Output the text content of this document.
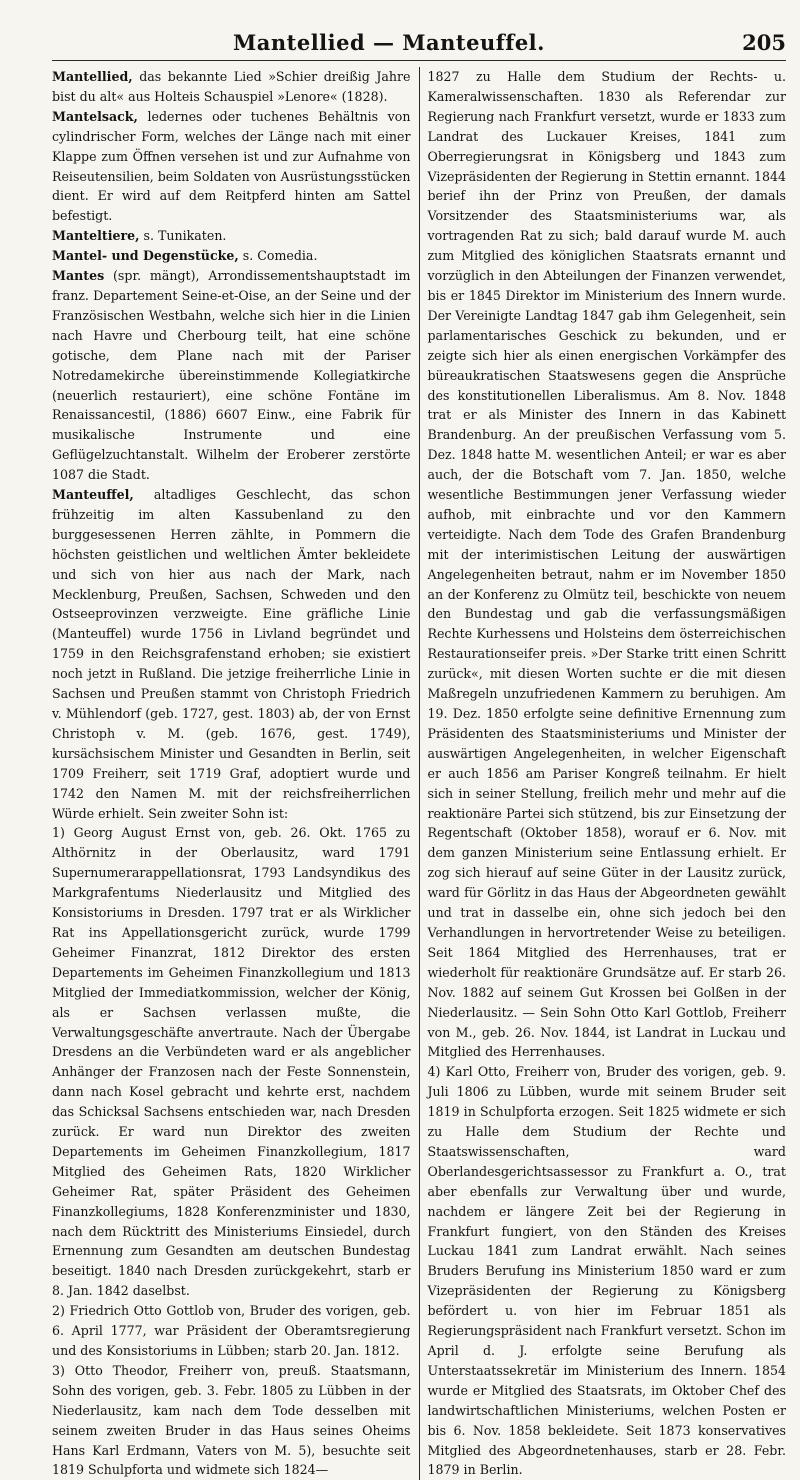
Mantellied — Manteuffel.	205

Mantellied, das bekannte Lied »Schier dreißig Jahre bist du alt« aus Holteis Schauspiel »Lenore« (1828).

Mantelsack, ledernes oder tuchenes Behältnis von cylindrischer Form, welches der Länge nach mit einer Klappe zum Öffnen versehen ist und zur Aufnahme von Reiseutensilien, beim Soldaten von Ausrüstungsstücken dient. Er wird auf dem Reitpferd hinten am Sattel befestigt.

Manteltiere, s. Tunikaten.

Mantel- und Degenstücke, s. Comedia.

Mantes (spr. mängt), Arrondissementshauptstadt im franz. Departement Seine-et-Oise, an der Seine und der Französischen Westbahn, welche sich hier in die Linien nach Havre und Cherbourg teilt, hat eine schöne gotische, dem Plane nach mit der Pariser Notredamekirche übereinstimmende Kollegiatkirche (neuerlich restauriert), eine schöne Fontäne im Renaissancestil, (1886) 6607 Einw., eine Fabrik für musikalische Instrumente und eine Geflügelzuchtanstalt. Wilhelm der Eroberer zerstörte 1087 die Stadt.

Manteuffel, altadliges Geschlecht, das schon frühzeitig im alten Kassubenland zu den burggesessenen Herren zählte, in Pommern die höchsten geistlichen und weltlichen Ämter bekleidete und sich von hier aus nach der Mark, nach Mecklenburg, Preußen, Sachsen, Schweden und den Ostseeprovinzen verzweigte. Eine gräfliche Linie (Manteuffel) wurde 1756 in Livland begründet und 1759 in den Reichsgrafenstand erhoben; sie existiert noch jetzt in Rußland. Die jetzige freiherrliche Linie in Sachsen und Preußen stammt von Christoph Friedrich v. Mühlendorf (geb. 1727, gest. 1803) ab, der von Ernst Christoph v. M. (geb. 1676, gest. 1749), kursächsischem Minister und Gesandten in Berlin, seit 1709 Freiherr, seit 1719 Graf, adoptiert wurde und 1742 den Namen M. mit der reichsfreiherrlichen Würde erhielt. Sein zweiter Sohn ist:

1) Georg August Ernst von, geb. 26. Okt. 1765 zu Althörnitz in der Oberlausitz, ward 1791 Supernumerarappellationsrat, 1793 Landsyndikus des Markgrafentums Niederlausitz und Mitglied des Konsistoriums in Dresden. 1797 trat er als Wirklicher Rat ins Appellationsgericht zurück, wurde 1799 Geheimer Finanzrat, 1812 Direktor des ersten Departements im Geheimen Finanzkollegium und 1813 Mitglied der Immediatkommission, welcher der König, als er Sachsen verlassen mußte, die Verwaltungsgeschäfte anvertraute. Nach der Übergabe Dresdens an die Verbündeten ward er als angeblicher Anhänger der Franzosen nach der Feste Sonnenstein, dann nach Kosel gebracht und kehrte erst, nachdem das Schicksal Sachsens entschieden war, nach Dresden zurück. Er ward nun Direktor des zweiten Departements im Geheimen Finanzkollegium, 1817 Mitglied des Geheimen Rats, 1820 Wirklicher Geheimer Rat, später Präsident des Geheimen Finanzkollegiums, 1828 Konferenzminister und 1830, nach dem Rücktritt des Ministeriums Einsiedel, durch Ernennung zum Gesandten am deutschen Bundestag beseitigt. 1840 nach Dresden zurückgekehrt, starb er 8. Jan. 1842 daselbst.

2) Friedrich Otto Gottlob von, Bruder des vorigen, geb. 6. April 1777, war Präsident der Oberamtsregierung und des Konsistoriums in Lübben; starb 20. Jan. 1812.

3) Otto Theodor, Freiherr von, preuß. Staatsmann, Sohn des vorigen, geb. 3. Febr. 1805 zu Lübben in der Niederlausitz, kam nach dem Tode desselben mit seinem zweiten Bruder in das Haus seines Oheims Hans Karl Erdmann, Vaters von M. 5), besuchte seit 1819 Schulpforta und widmete sich 1824—

1827 zu Halle dem Studium der Rechts- u. Kameralwissenschaften. 1830 als Referendar zur Regierung nach Frankfurt versetzt, wurde er 1833 zum Landrat des Luckauer Kreises, 1841 zum Oberregierungsrat in Königsberg und 1843 zum Vizepräsidenten der Regierung in Stettin ernannt. 1844 berief ihn der Prinz von Preußen, der damals Vorsitzender des Staatsministeriums war, als vortragenden Rat zu sich; bald darauf wurde M. auch zum Mitglied des königlichen Staatsrats ernannt und vorzüglich in den Abteilungen der Finanzen verwendet, bis er 1845 Direktor im Ministerium des Innern wurde. Der Vereinigte Landtag 1847 gab ihm Gelegenheit, sein parlamentarisches Geschick zu bekunden, und er zeigte sich hier als einen energischen Vorkämpfer des büreaukratischen Staatswesens gegen die Ansprüche des konstitutionellen Liberalismus. Am 8. Nov. 1848 trat er als Minister des Innern in das Kabinett Brandenburg. An der preußischen Verfassung vom 5. Dez. 1848 hatte M. wesentlichen Anteil; er war es aber auch, der die Botschaft vom 7. Jan. 1850, welche wesentliche Bestimmungen jener Verfassung wieder aufhob, mit einbrachte und vor den Kammern verteidigte. Nach dem Tode des Grafen Brandenburg mit der interimistischen Leitung der auswärtigen Angelegenheiten betraut, nahm er im November 1850 an der Konferenz zu Olmütz teil, beschickte von neuem den Bundestag und gab die verfassungsmäßigen Rechte Kurhessens und Holsteins dem österreichischen Restaurationseifer preis. »Der Starke tritt einen Schritt zurück«, mit diesen Worten suchte er die mit diesen Maßregeln unzufriedenen Kammern zu beruhigen. Am 19. Dez. 1850 erfolgte seine definitive Ernennung zum Präsidenten des Staatsministeriums und Minister der auswärtigen Angelegenheiten, in welcher Eigenschaft er auch 1856 am Pariser Kongreß teilnahm. Er hielt sich in seiner Stellung, freilich mehr und mehr auf die reaktionäre Partei sich stützend, bis zur Einsetzung der Regentschaft (Oktober 1858), worauf er 6. Nov. mit dem ganzen Ministerium seine Entlassung erhielt. Er zog sich hierauf auf seine Güter in der Lausitz zurück, ward für Görlitz in das Haus der Abgeordneten gewählt und trat in dasselbe ein, ohne sich jedoch bei den Verhandlungen in hervortretender Weise zu beteiligen. Seit 1864 Mitglied des Herrenhauses, trat er wiederholt für reaktionäre Grundsätze auf. Er starb 26. Nov. 1882 auf seinem Gut Krossen bei Golßen in der Niederlausitz. — Sein Sohn Otto Karl Gottlob, Freiherr von M., geb. 26. Nov. 1844, ist Landrat in Luckau und Mitglied des Herrenhauses.

4) Karl Otto, Freiherr von, Bruder des vorigen, geb. 9. Juli 1806 zu Lübben, wurde mit seinem Bruder seit 1819 in Schulpforta erzogen. Seit 1825 widmete er sich zu Halle dem Studium der Rechte und Staatswissenschaften, ward Oberlandesgerichtsassessor zu Frankfurt a. O., trat aber ebenfalls zur Verwaltung über und wurde, nachdem er längere Zeit bei der Regierung in Frankfurt fungiert, von den Ständen des Kreises Luckau 1841 zum Landrat erwählt. Nach seines Bruders Berufung ins Ministerium 1850 ward er zum Vizepräsidenten der Regierung zu Königsberg befördert u. von hier im Februar 1851 als Regierungspräsident nach Frankfurt versetzt. Schon im April d. J. erfolgte seine Berufung als Unterstaatssekretär im Ministerium des Innern. 1854 wurde er Mitglied des Staatsrats, im Oktober Chef des landwirtschaftlichen Ministeriums, welchen Posten er bis 6. Nov. 1858 bekleidete. Seit 1873 konservatives Mitglied des Abgeordnetenhauses, starb er 28. Febr. 1879 in Berlin.
